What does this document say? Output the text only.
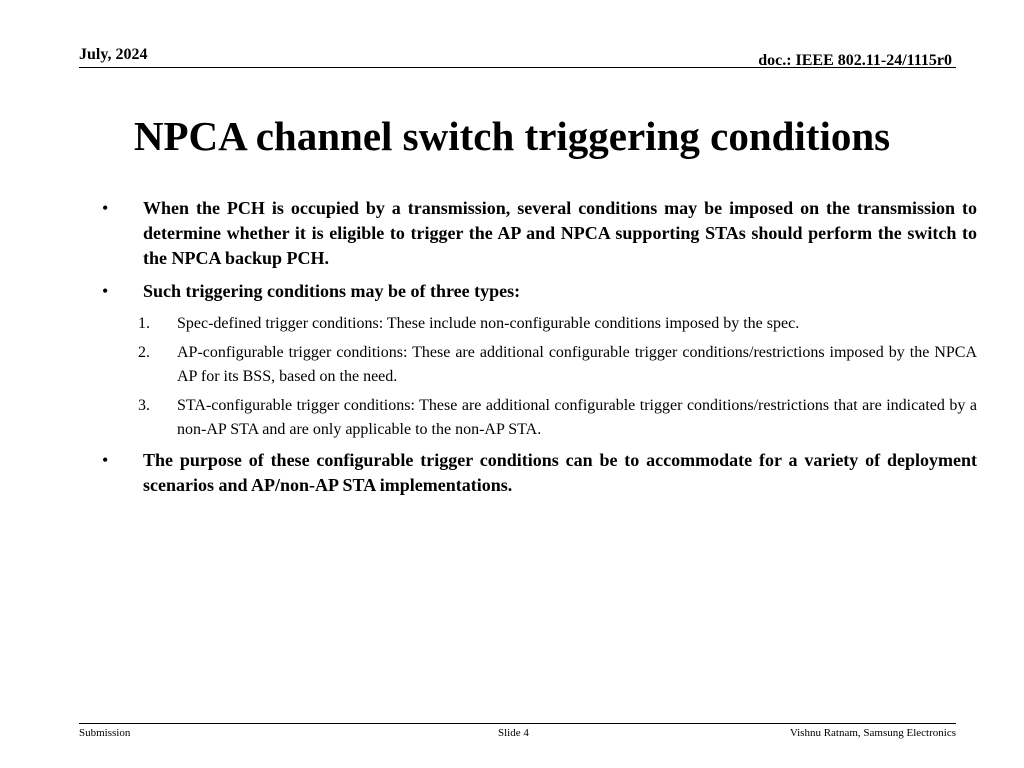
July, 2024	doc.: IEEE 802.11-24/1115r0
NPCA channel switch triggering conditions
• When the PCH is occupied by a transmission, several conditions may be imposed on the transmission to determine whether it is eligible to trigger the AP and NPCA supporting STAs should perform the switch to the NPCA backup PCH.
• Such triggering conditions may be of three types:
1. Spec-defined trigger conditions: These include non-configurable conditions imposed by the spec.
2. AP-configurable trigger conditions: These are additional configurable trigger conditions/restrictions imposed by the NPCA AP for its BSS, based on the need.
3. STA-configurable trigger conditions: These are additional configurable trigger conditions/restrictions that are indicated by a non-AP STA and are only applicable to the non-AP STA.
• The purpose of these configurable trigger conditions can be to accommodate for a variety of deployment scenarios and AP/non-AP STA implementations.
Submission	Slide 4	Vishnu Ratnam, Samsung Electronics
